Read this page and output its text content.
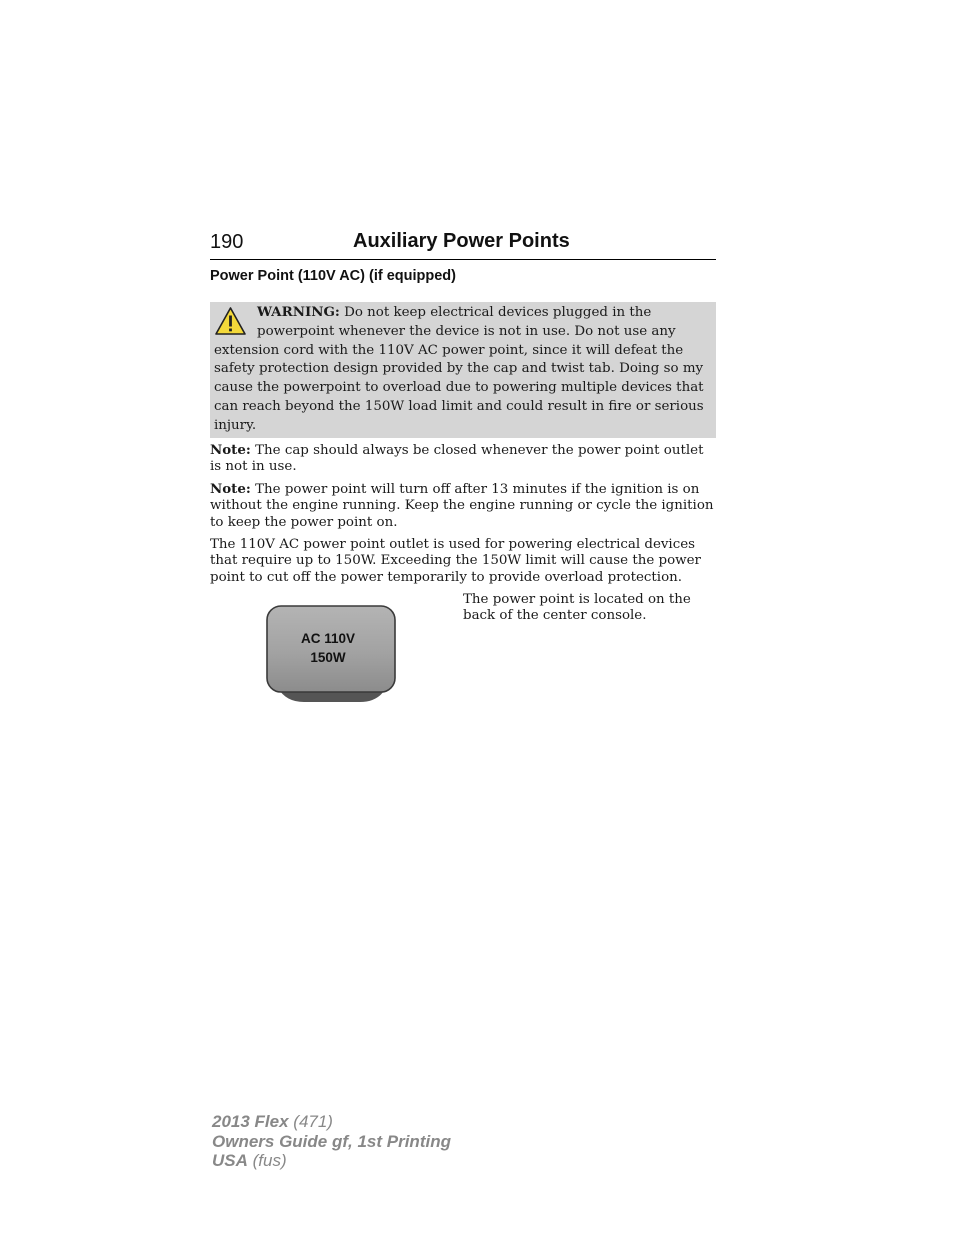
190	Auxiliary Power Points
Power Point (110V AC) (if equipped)
WARNING: Do not keep electrical devices plugged in the powerpoint whenever the device is not in use. Do not use any extension cord with the 110V AC power point, since it will defeat the safety protection design provided by the cap and twist tab. Doing so my cause the powerpoint to overload due to powering multiple devices that can reach beyond the 150W load limit and could result in fire or serious injury.
Note: The cap should always be closed whenever the power point outlet is not in use.
Note: The power point will turn off after 13 minutes if the ignition is on without the engine running. Keep the engine running or cycle the ignition to keep the power point on.
The 110V AC power point outlet is used for powering electrical devices that require up to 150W. Exceeding the 150W limit will cause the power point to cut off the power temporarily to provide overload protection.
AC 110V
150W
The power point is located on the back of the center console.
2013 Flex (471)
Owners Guide gf, 1st Printing
USA (fus)
